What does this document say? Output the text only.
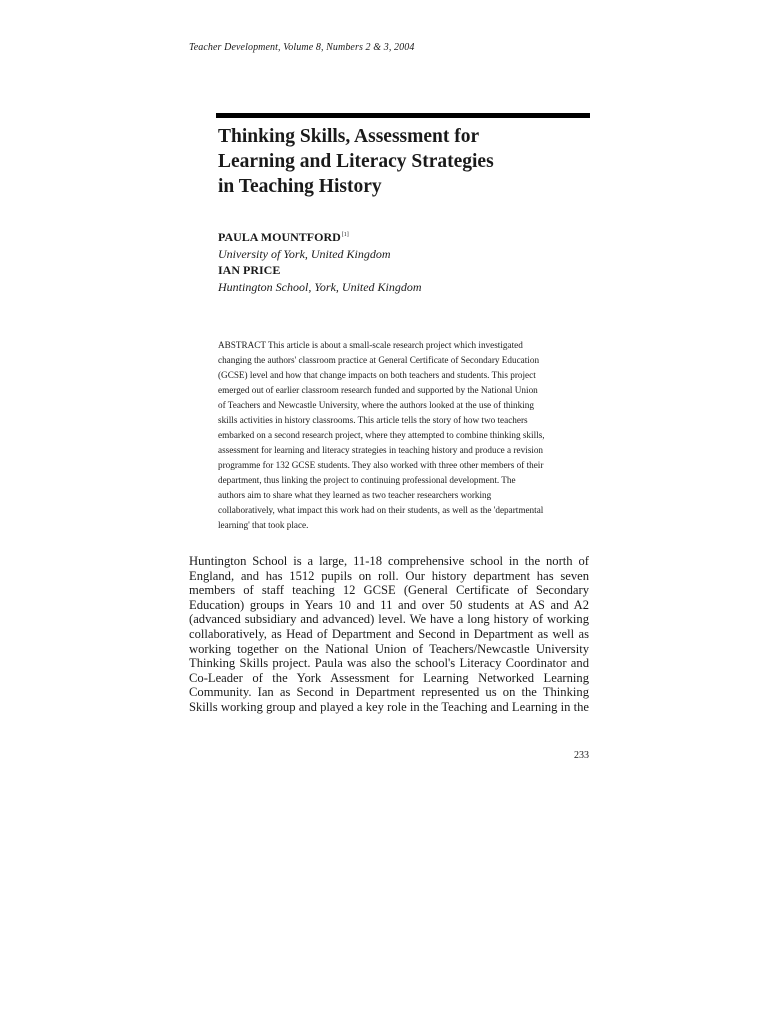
Teacher Development, Volume 8, Numbers 2 & 3, 2004
Thinking Skills, Assessment for
Learning and Literacy Strategies
in Teaching History
PAULA MOUNTFORD[1]
University of York, United Kingdom
IAN PRICE
Huntington School, York, United Kingdom
ABSTRACT This article is about a small-scale research project which investigated
changing the authors' classroom practice at General Certificate of Secondary Education
(GCSE) level and how that change impacts on both teachers and students. This project
emerged out of earlier classroom research funded and supported by the National Union
of Teachers and Newcastle University, where the authors looked at the use of thinking
skills activities in history classrooms. This article tells the story of how two teachers
embarked on a second research project, where they attempted to combine thinking skills,
assessment for learning and literacy strategies in teaching history and produce a revision
programme for 132 GCSE students. They also worked with three other members of their
department, thus linking the project to continuing professional development. The
authors aim to share what they learned as two teacher researchers working
collaboratively, what impact this work had on their students, as well as the 'departmental
learning' that took place.
Huntington School is a large, 11-18 comprehensive school in the north of
England, and has 1512 pupils on roll. Our history department has seven
members of staff teaching 12 GCSE (General Certificate of Secondary
Education) groups in Years 10 and 11 and over 50 students at AS and A2
(advanced subsidiary and advanced) level. We have a long history of working
collaboratively, as Head of Department and Second in Department as well as
working together on the National Union of Teachers/Newcastle University
Thinking Skills project. Paula was also the school's Literacy Coordinator and
Co-Leader of the York Assessment for Learning Networked Learning
Community. Ian as Second in Department represented us on the Thinking
Skills working group and played a key role in the Teaching and Learning in the
233
